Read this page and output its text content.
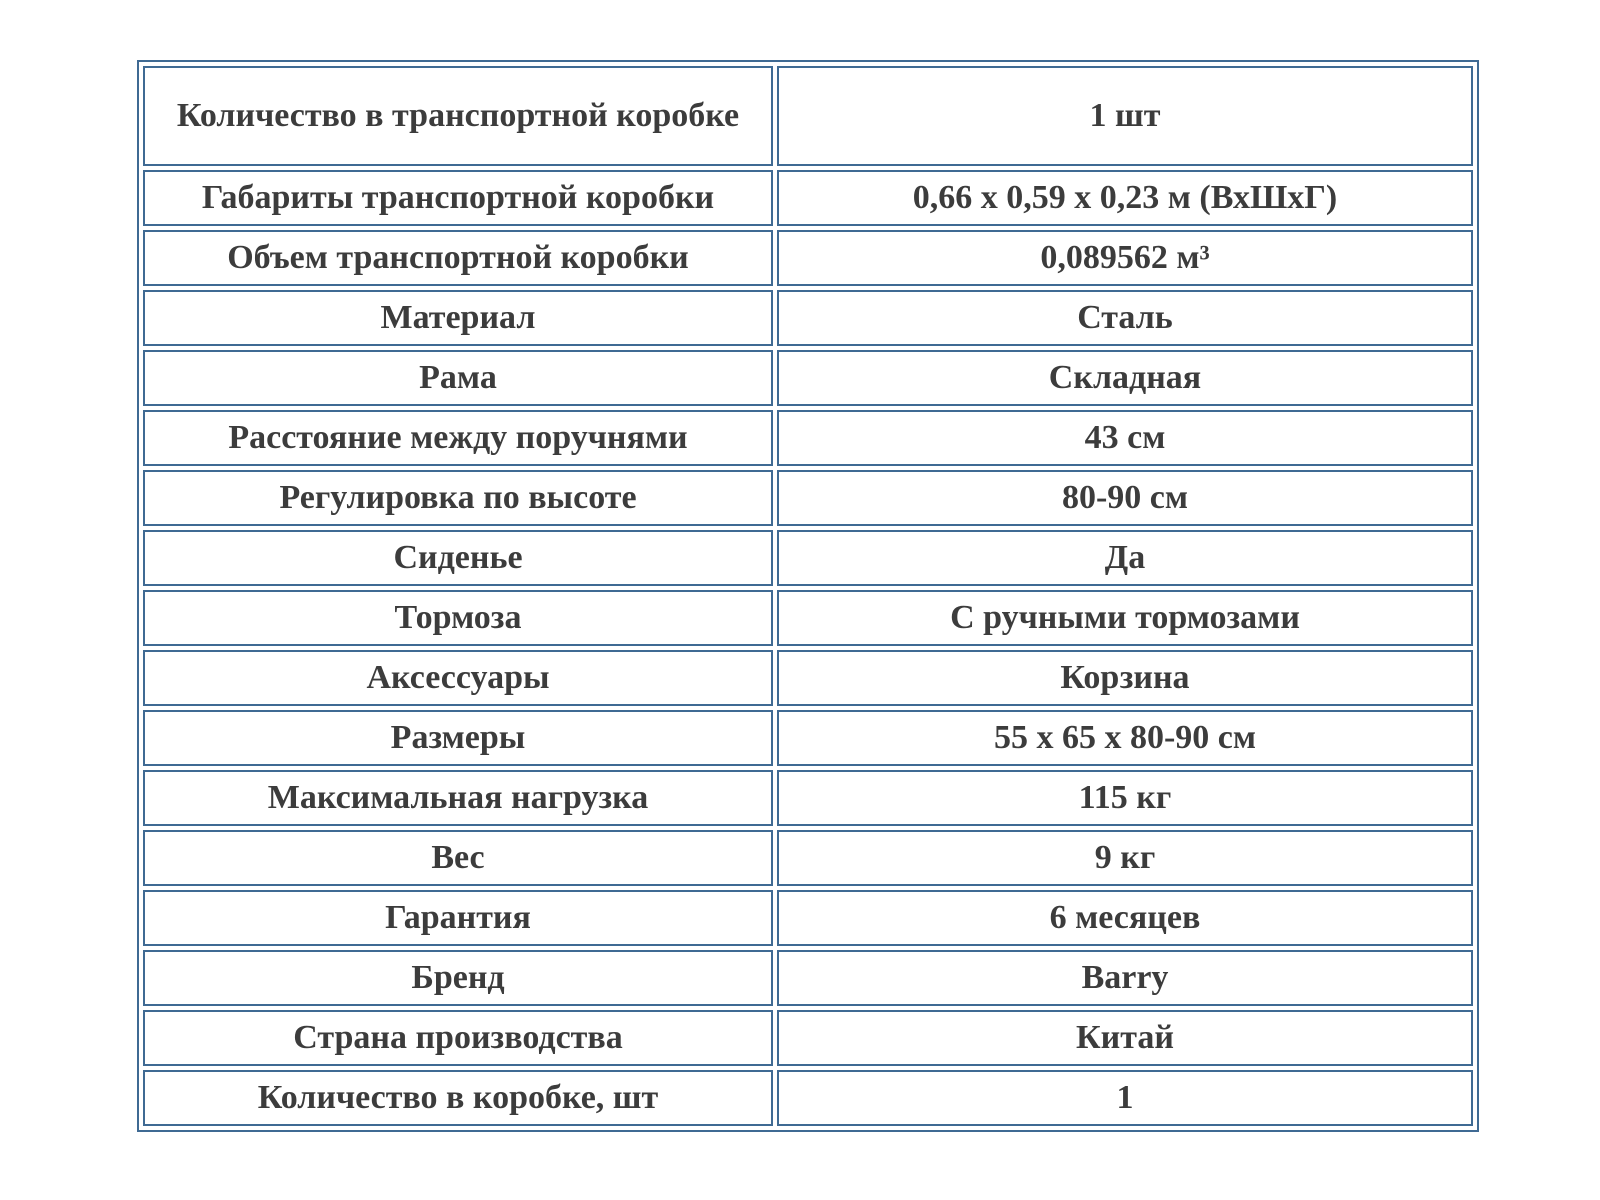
Количество в транспортной коробке	1 шт
Габариты транспортной коробки	0,66 х 0,59 х 0,23 м (ВхШхГ)
Объем транспортной коробки	0,089562 м³
Материал	Сталь
Рама	Складная
Расстояние между поручнями	43 см
Регулировка по высоте	80-90 см
Сиденье	Да
Тормоза	С ручными тормозами
Аксессуары	Корзина
Размеры	55 х 65 х 80-90 см
Максимальная нагрузка	115 кг
Вес	9 кг
Гарантия	6 месяцев
Бренд	Barry
Страна производства	Китай
Количество в коробке, шт	1
